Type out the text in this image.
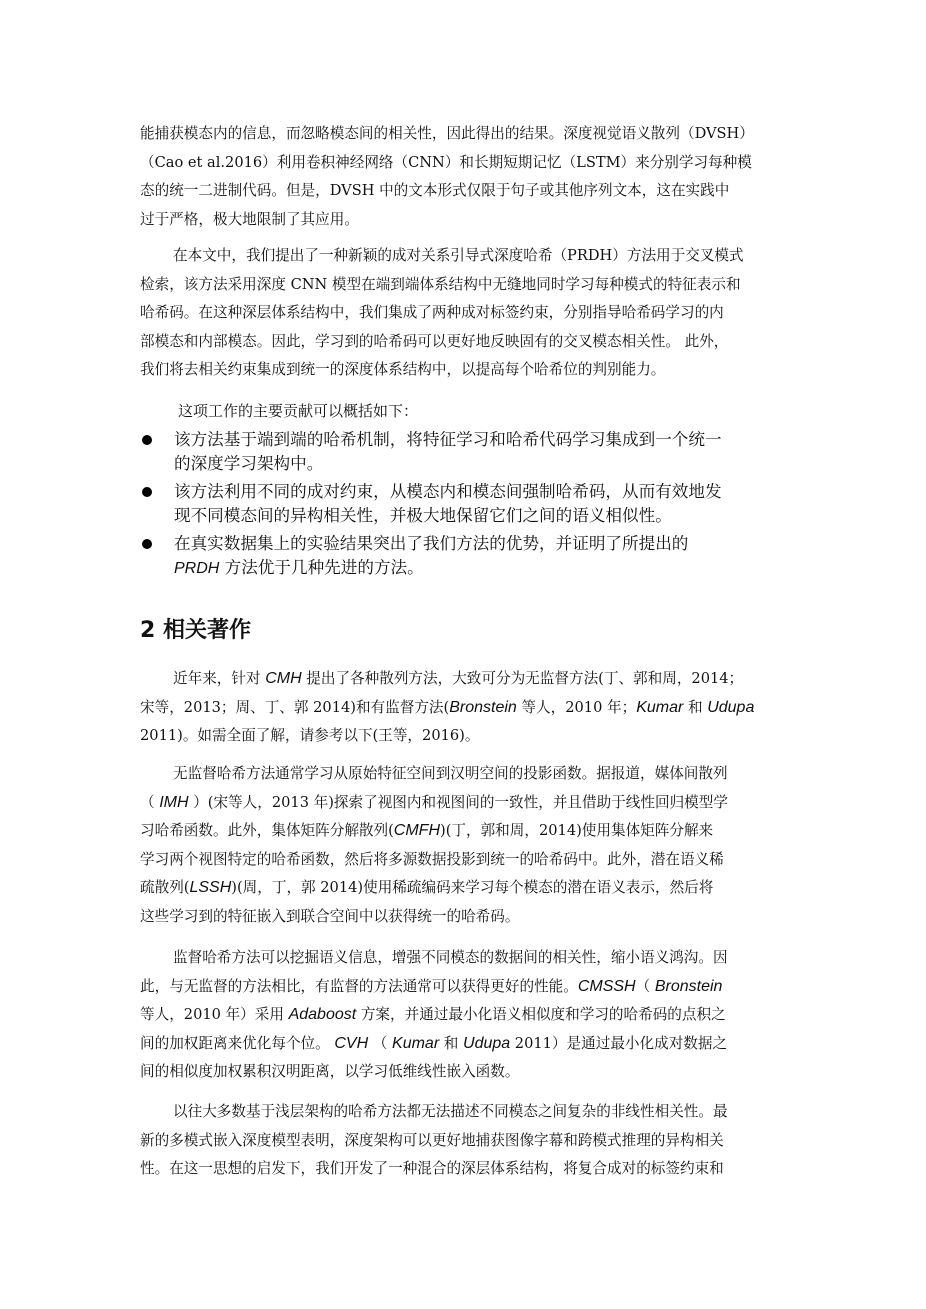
能捕获模态内的信息，而忽略模态间的相关性，因此得出的结果。深度视觉语义散列（DVSH）
（Cao et al.2016）利用卷积神经网络（CNN）和长期短期记忆（LSTM）来分别学习每种模
态的统一二进制代码。但是，DVSH 中的文本形式仅限于句子或其他序列文本，这在实践中
过于严格，极大地限制了其应用。
在本文中，我们提出了一种新颖的成对关系引导式深度哈希（PRDH）方法用于交叉模式
检索，该方法采用深度 CNN 模型在端到端体系结构中无缝地同时学习每种模式的特征表示和
哈希码。在这种深层体系结构中，我们集成了两种成对标签约束，分别指导哈希码学习的内
部模态和内部模态。因此，学习到的哈希码可以更好地反映固有的交叉模态相关性。 此外，
我们将去相关约束集成到统一的深度体系结构中，以提高每个哈希位的判别能力。
这项工作的主要贡献可以概括如下：
该方法基于端到端的哈希机制，将特征学习和哈希代码学习集成到一个统一
的深度学习架构中。
该方法利用不同的成对约束，从模态内和模态间强制哈希码，从而有效地发
现不同模态间的异构相关性，并极大地保留它们之间的语义相似性。
在真实数据集上的实验结果突出了我们方法的优势，并证明了所提出的
PRDH 方法优于几种先进的方法。
2 相关著作
近年来，针对 CMH 提出了各种散列方法，大致可分为无监督方法(丁、郭和周，2014；
宋等，2013；周、丁、郭 2014)和有监督方法(Bronstein 等人，2010 年；Kumar 和 Udupa
2011)。如需全面了解，请参考以下(王等，2016)。
无监督哈希方法通常学习从原始特征空间到汉明空间的投影函数。据报道，媒体间散列
（ IMH ）(宋等人，2013 年)探索了视图内和视图间的一致性，并且借助于线性回归模型学
习哈希函数。此外，集体矩阵分解散列(CMFH)(丁，郭和周，2014)使用集体矩阵分解来
学习两个视图特定的哈希函数，然后将多源数据投影到统一的哈希码中。此外，潜在语义稀
疏散列(LSSH)(周，丁，郭 2014)使用稀疏编码来学习每个模态的潜在语义表示，然后将
这些学习到的特征嵌入到联合空间中以获得统一的哈希码。
监督哈希方法可以挖掘语义信息，增强不同模态的数据间的相关性，缩小语义鸿沟。因
此，与无监督的方法相比，有监督的方法通常可以获得更好的性能。CMSSH（ Bronstein
等人，2010 年）采用 Adaboost 方案，并通过最小化语义相似度和学习的哈希码的点积之
间的加权距离来优化每个位。 CVH （ Kumar 和 Udupa 2011）是通过最小化成对数据之
间的相似度加权累积汉明距离，以学习低维线性嵌入函数。
以往大多数基于浅层架构的哈希方法都无法描述不同模态之间复杂的非线性相关性。最
新的多模式嵌入深度模型表明，深度架构可以更好地捕获图像字幕和跨模式推理的异构相关
性。在这一思想的启发下，我们开发了一种混合的深层体系结构，将复合成对的标签约束和
